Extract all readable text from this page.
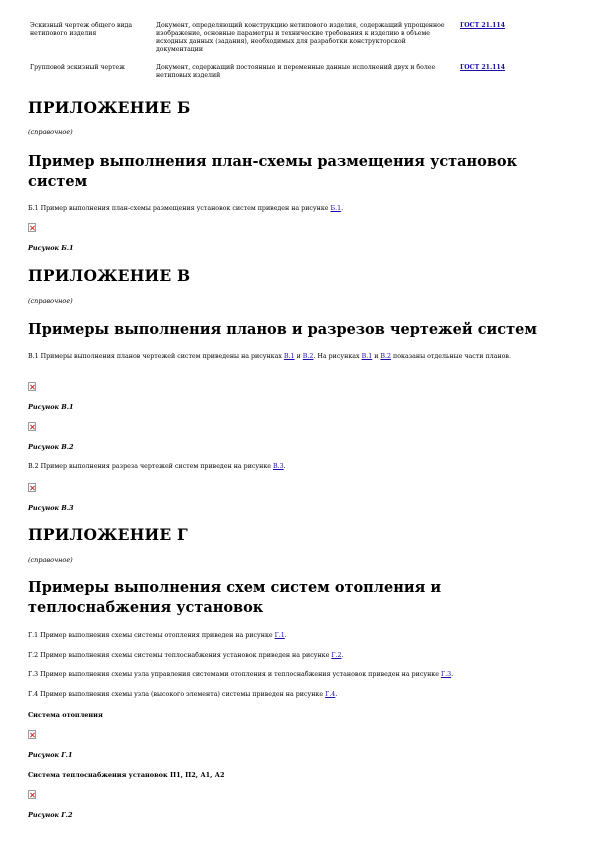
Эскизный чертеж общего вида нетипового изделия
Документ, определяющий конструкцию нетипового изделия, содержащий упрощенное изображение, основные параметры и технические требования к изделию в объеме исходных данных (задания), необходимых для разработки конструкторской документации
ГОСТ 21.114
Групповой эскизный чертеж	Документ, содержащий постоянные и переменные данные исполнений двух и более нетиповых изделий
ГОСТ 21.114
ПРИЛОЖЕНИЕ Б
(справочное)
Пример выполнения план-схемы размещения установок систем
Б.1 Пример выполнения план-схемы размещения установок систем приведен на рисунке Б.1.
Рисунок Б.1
ПРИЛОЖЕНИЕ В
(справочное)
Примеры выполнения планов и разрезов чертежей систем
В.1 Примеры выполнения планов чертежей систем приведены на рисунках В.1 и В.2. На рисунках В.1 и В.2 показаны отдельные части планов.
Рисунок В.1
Рисунок В.2
В.2 Пример выполнения разреза чертежей систем приведен на рисунке В.3.
Рисунок В.3
ПРИЛОЖЕНИЕ Г
(справочное)
Примеры выполнения схем систем отопления и теплоснабжения установок
Г.1 Пример выполнения схемы системы отопления приведен на рисунке Г.1.
Г.2 Пример выполнения схемы системы теплоснабжения установок приведен на рисунке Г.2.
Г.3 Пример выполнения схемы узла управления системами отопления и теплоснабжения установок приведен на рисунке Г.3.
Г.4 Пример выполнения схемы узла (высокого элемента) системы приведен на рисунке Г.4.
Система отопления
Рисунок Г.1
Система теплоснабжения установок П1, П2, А1, А2
Рисунок Г.2
